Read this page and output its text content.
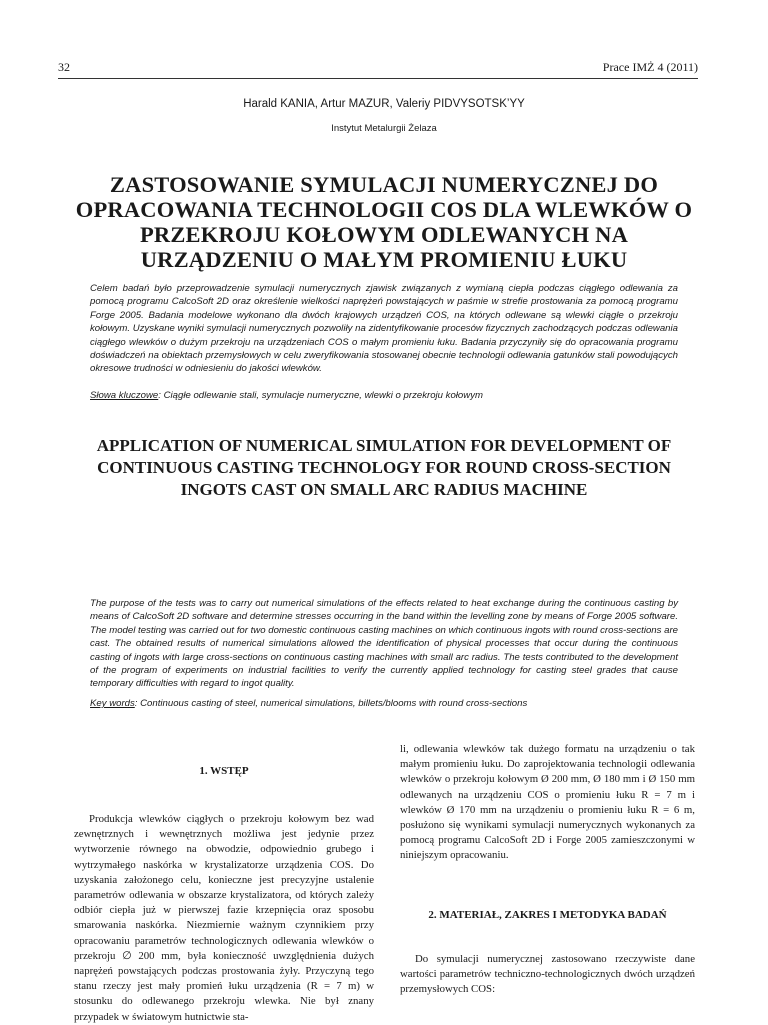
32	Prace IMŻ 4 (2011)
Harald KANIA, Artur MAZUR, Valeriy PIDVYSOTSK’YY
Instytut Metalurgii Żelaza
ZASTOSOWANIE SYMULACJI NUMERYCZNEJ DO OPRACOWANIA TECHNOLOGII COS DLA WLEWKÓW O PRZEKROJU KOŁOWYM ODLEWANYCH NA URZĄDZENIU O MAŁYM PROMIENIU ŁUKU
Celem badań było przeprowadzenie symulacji numerycznych zjawisk związanych z wymianą ciepła podczas ciągłego odlewania za pomocą programu CalcoSoft 2D oraz określenie wielkości naprężeń powstających w paśmie w strefie prostowania za pomocą programu Forge 2005. Badania modelowe wykonano dla dwóch krajowych urządzeń COS, na których odlewane są wlewki ciągłe o przekroju kołowym. Uzyskane wyniki symulacji numerycznych pozwoliły na zidentyfikowanie procesów fizycznych zachodzących podczas odlewania ciągłego wlewków o dużym przekroju na urządzeniach COS o małym promieniu łuku. Badania przyczyniły się do opracowania programu doświadczeń na obiektach przemysłowych w celu zweryfikowania stosowanej obecnie technologii odlewania gatunków stali powodujących okresowe trudności w odniesieniu do jakości wlewków.
Słowa kluczowe: Ciągłe odlewanie stali, symulacje numeryczne, wlewki o przekroju kołowym
APPLICATION OF NUMERICAL SIMULATION FOR DEVELOPMENT OF CONTINUOUS CASTING TECHNOLOGY FOR ROUND CROSS-SECTION INGOTS CAST ON SMALL ARC RADIUS MACHINE
The purpose of the tests was to carry out numerical simulations of the effects related to heat exchange during the continuous casting by means of CalcoSoft 2D software and determine stresses occurring in the band within the levelling zone by means of Forge 2005 software. The model testing was carried out for two domestic continuous casting machines on which continuous ingots with round cross-sections are cast. The obtained results of numerical simulations allowed the identification of physical processes that occur during the continuous casting of ingots with large cross-sections on continuous casting machines with small arc radius. The tests contributed to the development of the program of experiments on industrial facilities to verify the currently applied technology for casting steel grades that cause temporary difficulties with regard to ingot quality.
Key words: Continuous casting of steel, numerical simulations, billets/blooms with round cross-sections
1. WSTĘP

Produkcja wlewków ciągłych o przekroju kołowym bez wad zewnętrznych i wewnętrznych możliwa jest jedynie przez wytworzenie równego na obwodzie, odpowiednio grubego i wytrzymałego naskórka w krystalizatorze urządzenia COS. Do uzyskania założonego celu, konieczne jest precyzyjne ustalenie parametrów odlewania w obszarze krystalizatora, od których zależy odbiór ciepła już w pierwszej fazie krzepnięcia oraz sposobu smarowania naskórka. Niezmiernie ważnym czynnikiem przy opracowaniu parametrów technologicznych odlewania wlewków o przekroju ∅ 200 mm, była konieczność uwzględnienia dużych naprężeń powstających podczas prostowania żyły. Przyczyną tego stanu rzeczy jest mały promień łuku urządzenia (R = 7 m) w stosunku do odlewanego przekroju wlewka. Nie był znany przypadek w światowym hutnictwie sta-

li, odlewania wlewków tak dużego formatu na urządzeniu o tak małym promieniu łuku. Do zaprojektowania technologii odlewania wlewków o przekroju kołowym Ø 200 mm, Ø 180 mm i Ø 150 mm odlewanych na urządzeniu COS o promieniu łuku R = 7 m i wlewków Ø 170 mm na urządzeniu o promieniu łuku R = 6 m, posłużono się wynikami symulacji numerycznych wykonanych za pomocą programu CalcoSoft 2D i Forge 2005 zamieszczonymi w niniejszym opracowaniu.

2. MATERIAŁ, ZAKRES I METODYKA BADAŃ

Do symulacji numerycznej zastosowano rzeczywiste dane wartości parametrów techniczno-technologicznych dwóch urządzeń przemysłowych COS:
